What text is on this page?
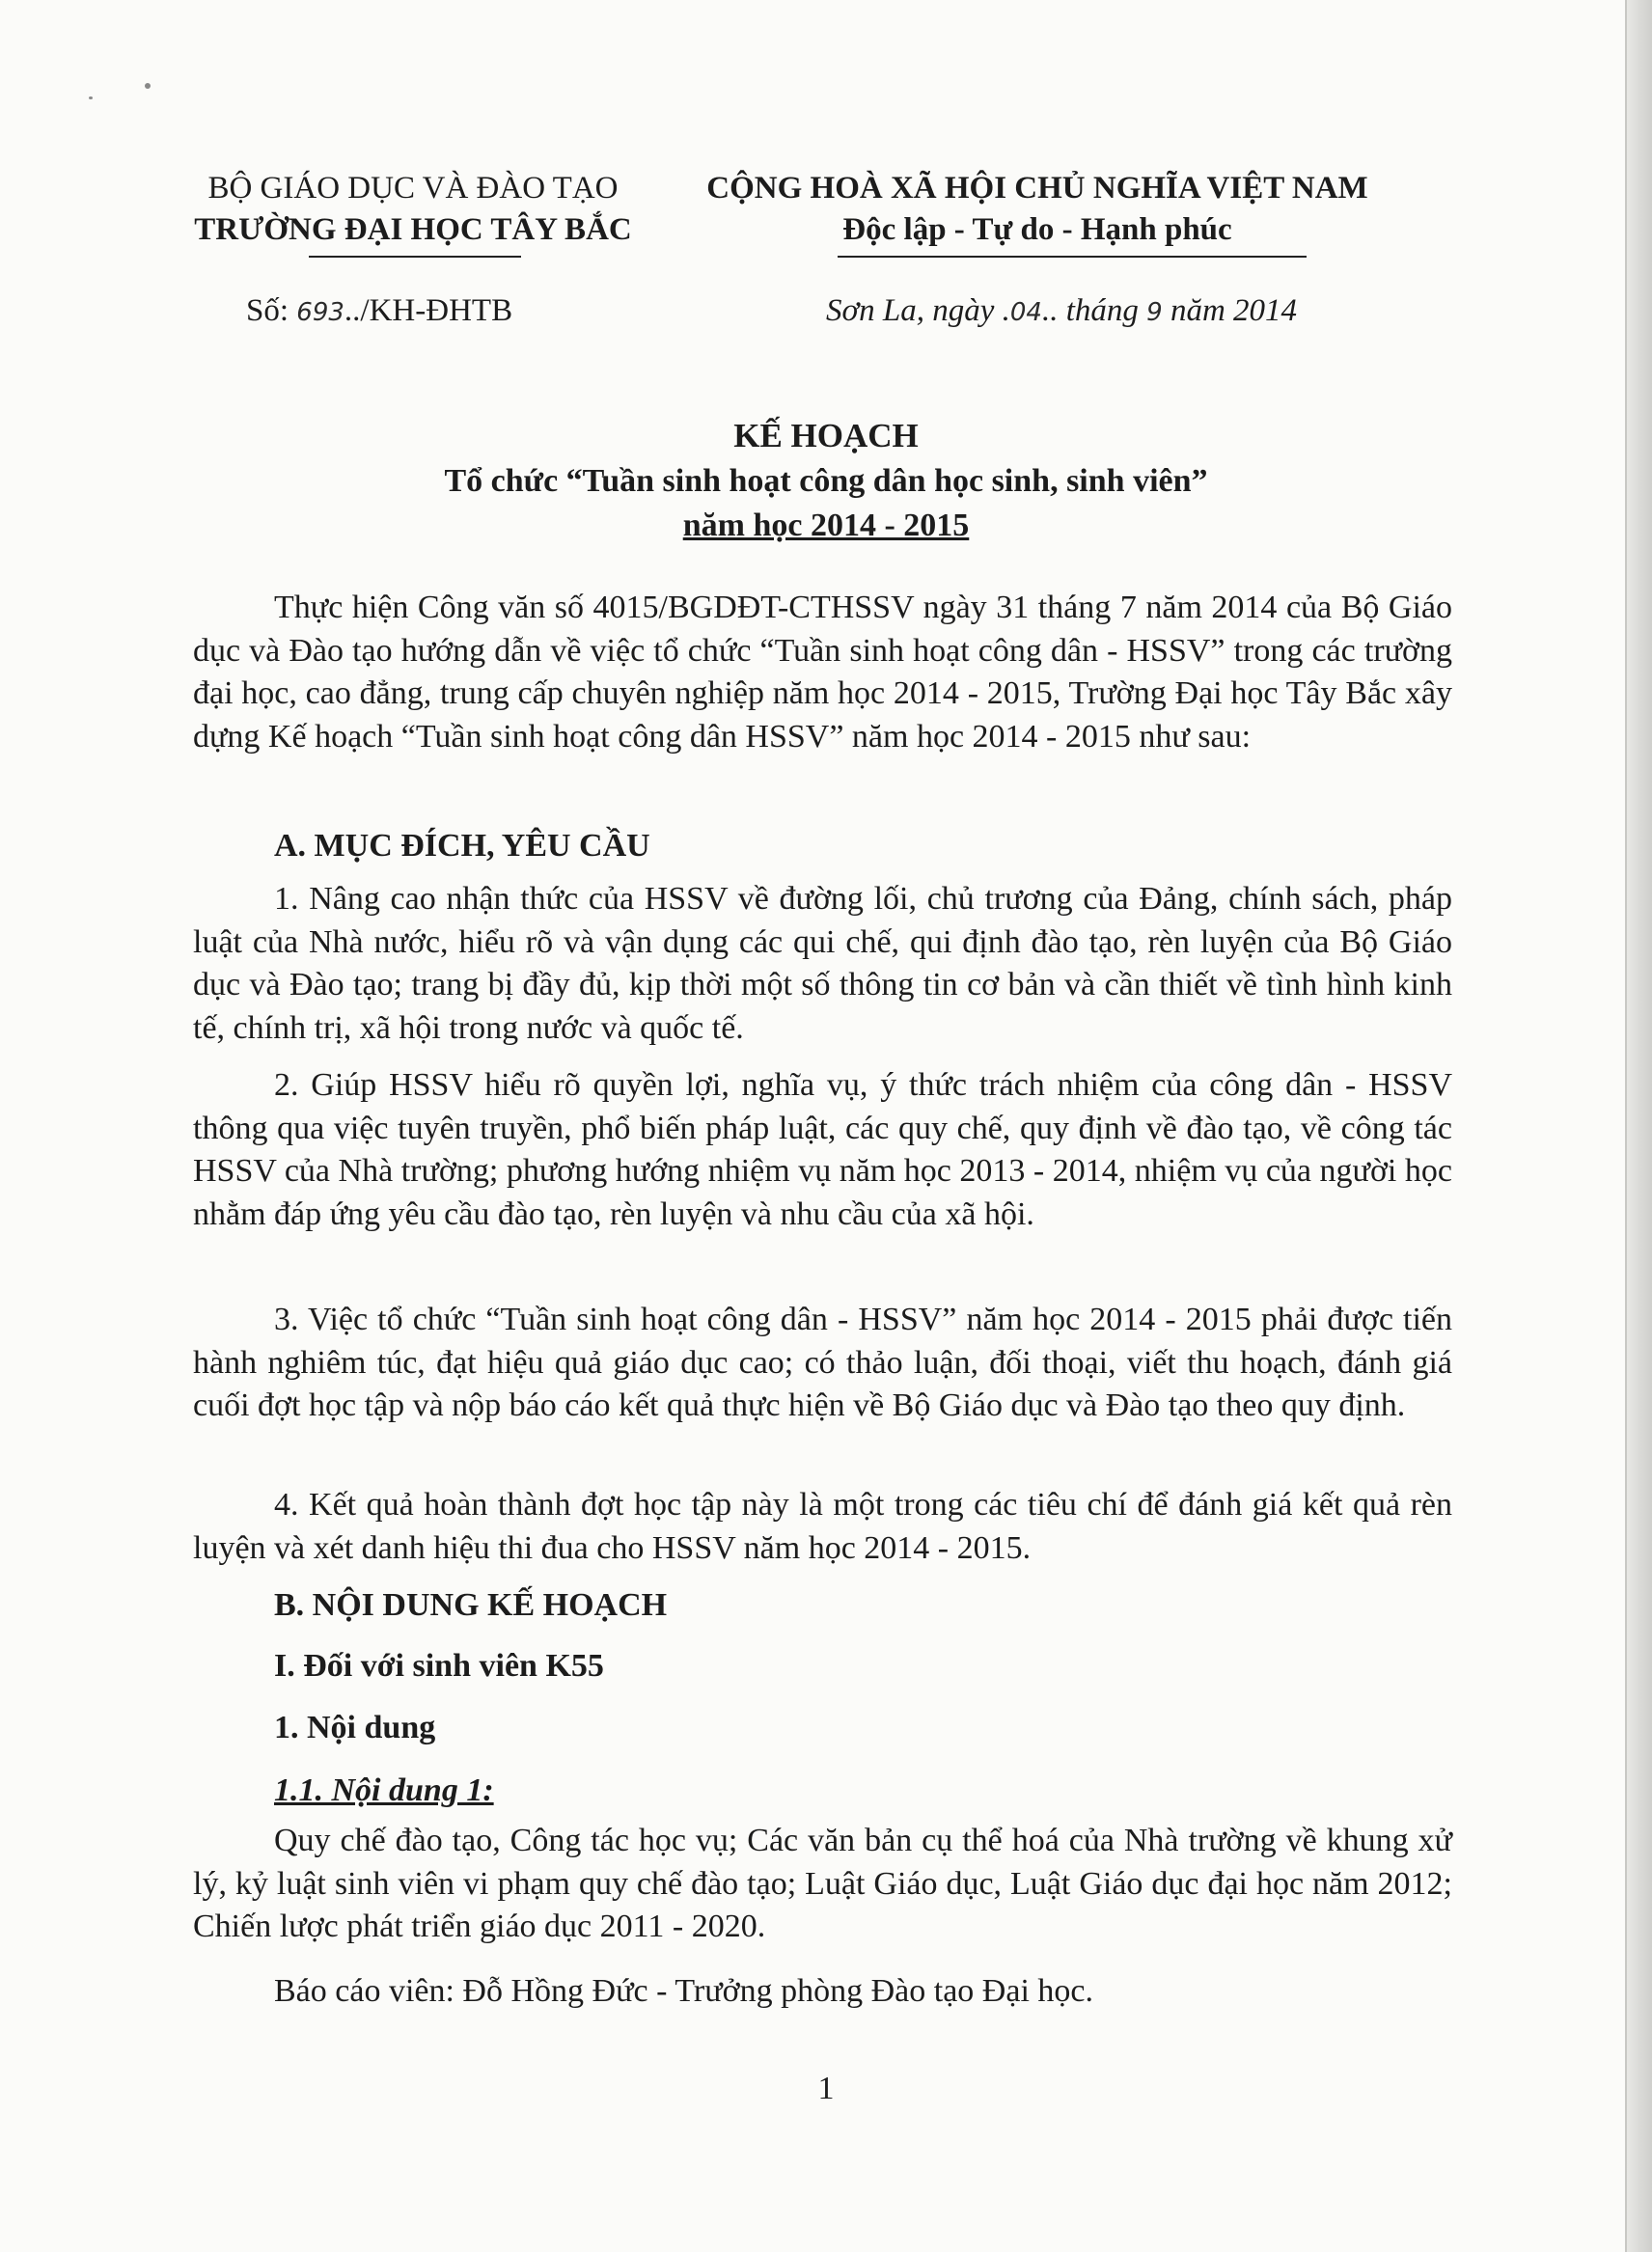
BỘ GIÁO DỤC VÀ ĐÀO TẠO
TRƯỜNG ĐẠI HỌC TÂY BẮC
CỘNG HOÀ XÃ HỘI CHỦ NGHĨA VIỆT NAM
Độc lập - Tự do - Hạnh phúc
Số: 693../KH-ĐHTB	Sơn La, ngày .04.. tháng 9 năm 2014
KẾ HOẠCH
Tổ chức “Tuần sinh hoạt công dân học sinh, sinh viên”
năm học 2014 - 2015
Thực hiện Công văn số 4015/BGDĐT-CTHSSV ngày 31 tháng 7 năm 2014 của Bộ Giáo dục và Đào tạo hướng dẫn về việc tổ chức “Tuần sinh hoạt công dân - HSSV” trong các trường đại học, cao đẳng, trung cấp chuyên nghiệp năm học 2014 - 2015, Trường Đại học Tây Bắc xây dựng Kế hoạch “Tuần sinh hoạt công dân HSSV” năm học 2014 - 2015 như sau:
A. MỤC ĐÍCH, YÊU CẦU
1. Nâng cao nhận thức của HSSV về đường lối, chủ trương của Đảng, chính sách, pháp luật của Nhà nước, hiểu rõ và vận dụng các qui chế, qui định đào tạo, rèn luyện của Bộ Giáo dục và Đào tạo; trang bị đầy đủ, kịp thời một số thông tin cơ bản và cần thiết về tình hình kinh tế, chính trị, xã hội trong nước và quốc tế.
2. Giúp HSSV hiểu rõ quyền lợi, nghĩa vụ, ý thức trách nhiệm của công dân - HSSV thông qua việc tuyên truyền, phổ biến pháp luật, các quy chế, quy định về đào tạo, về công tác HSSV của Nhà trường; phương hướng nhiệm vụ năm học 2013 - 2014, nhiệm vụ của người học nhằm đáp ứng yêu cầu đào tạo, rèn luyện và nhu cầu của xã hội.
3. Việc tổ chức “Tuần sinh hoạt công dân - HSSV” năm học 2014 - 2015 phải được tiến hành nghiêm túc, đạt hiệu quả giáo dục cao; có thảo luận, đối thoại, viết thu hoạch, đánh giá cuối đợt học tập và nộp báo cáo kết quả thực hiện về Bộ Giáo dục và Đào tạo theo quy định.
4. Kết quả hoàn thành đợt học tập này là một trong các tiêu chí để đánh giá kết quả rèn luyện và xét danh hiệu thi đua cho HSSV năm học 2014 - 2015.
B. NỘI DUNG KẾ HOẠCH
I. Đối với sinh viên K55
1. Nội dung
1.1. Nội dung 1:
Quy chế đào tạo, Công tác học vụ; Các văn bản cụ thể hoá của Nhà trường về khung xử lý, kỷ luật sinh viên vi phạm quy chế đào tạo; Luật Giáo dục, Luật Giáo dục đại học năm 2012; Chiến lược phát triển giáo dục 2011 - 2020.
Báo cáo viên: Đỗ Hồng Đức - Trưởng phòng Đào tạo Đại học.
1
